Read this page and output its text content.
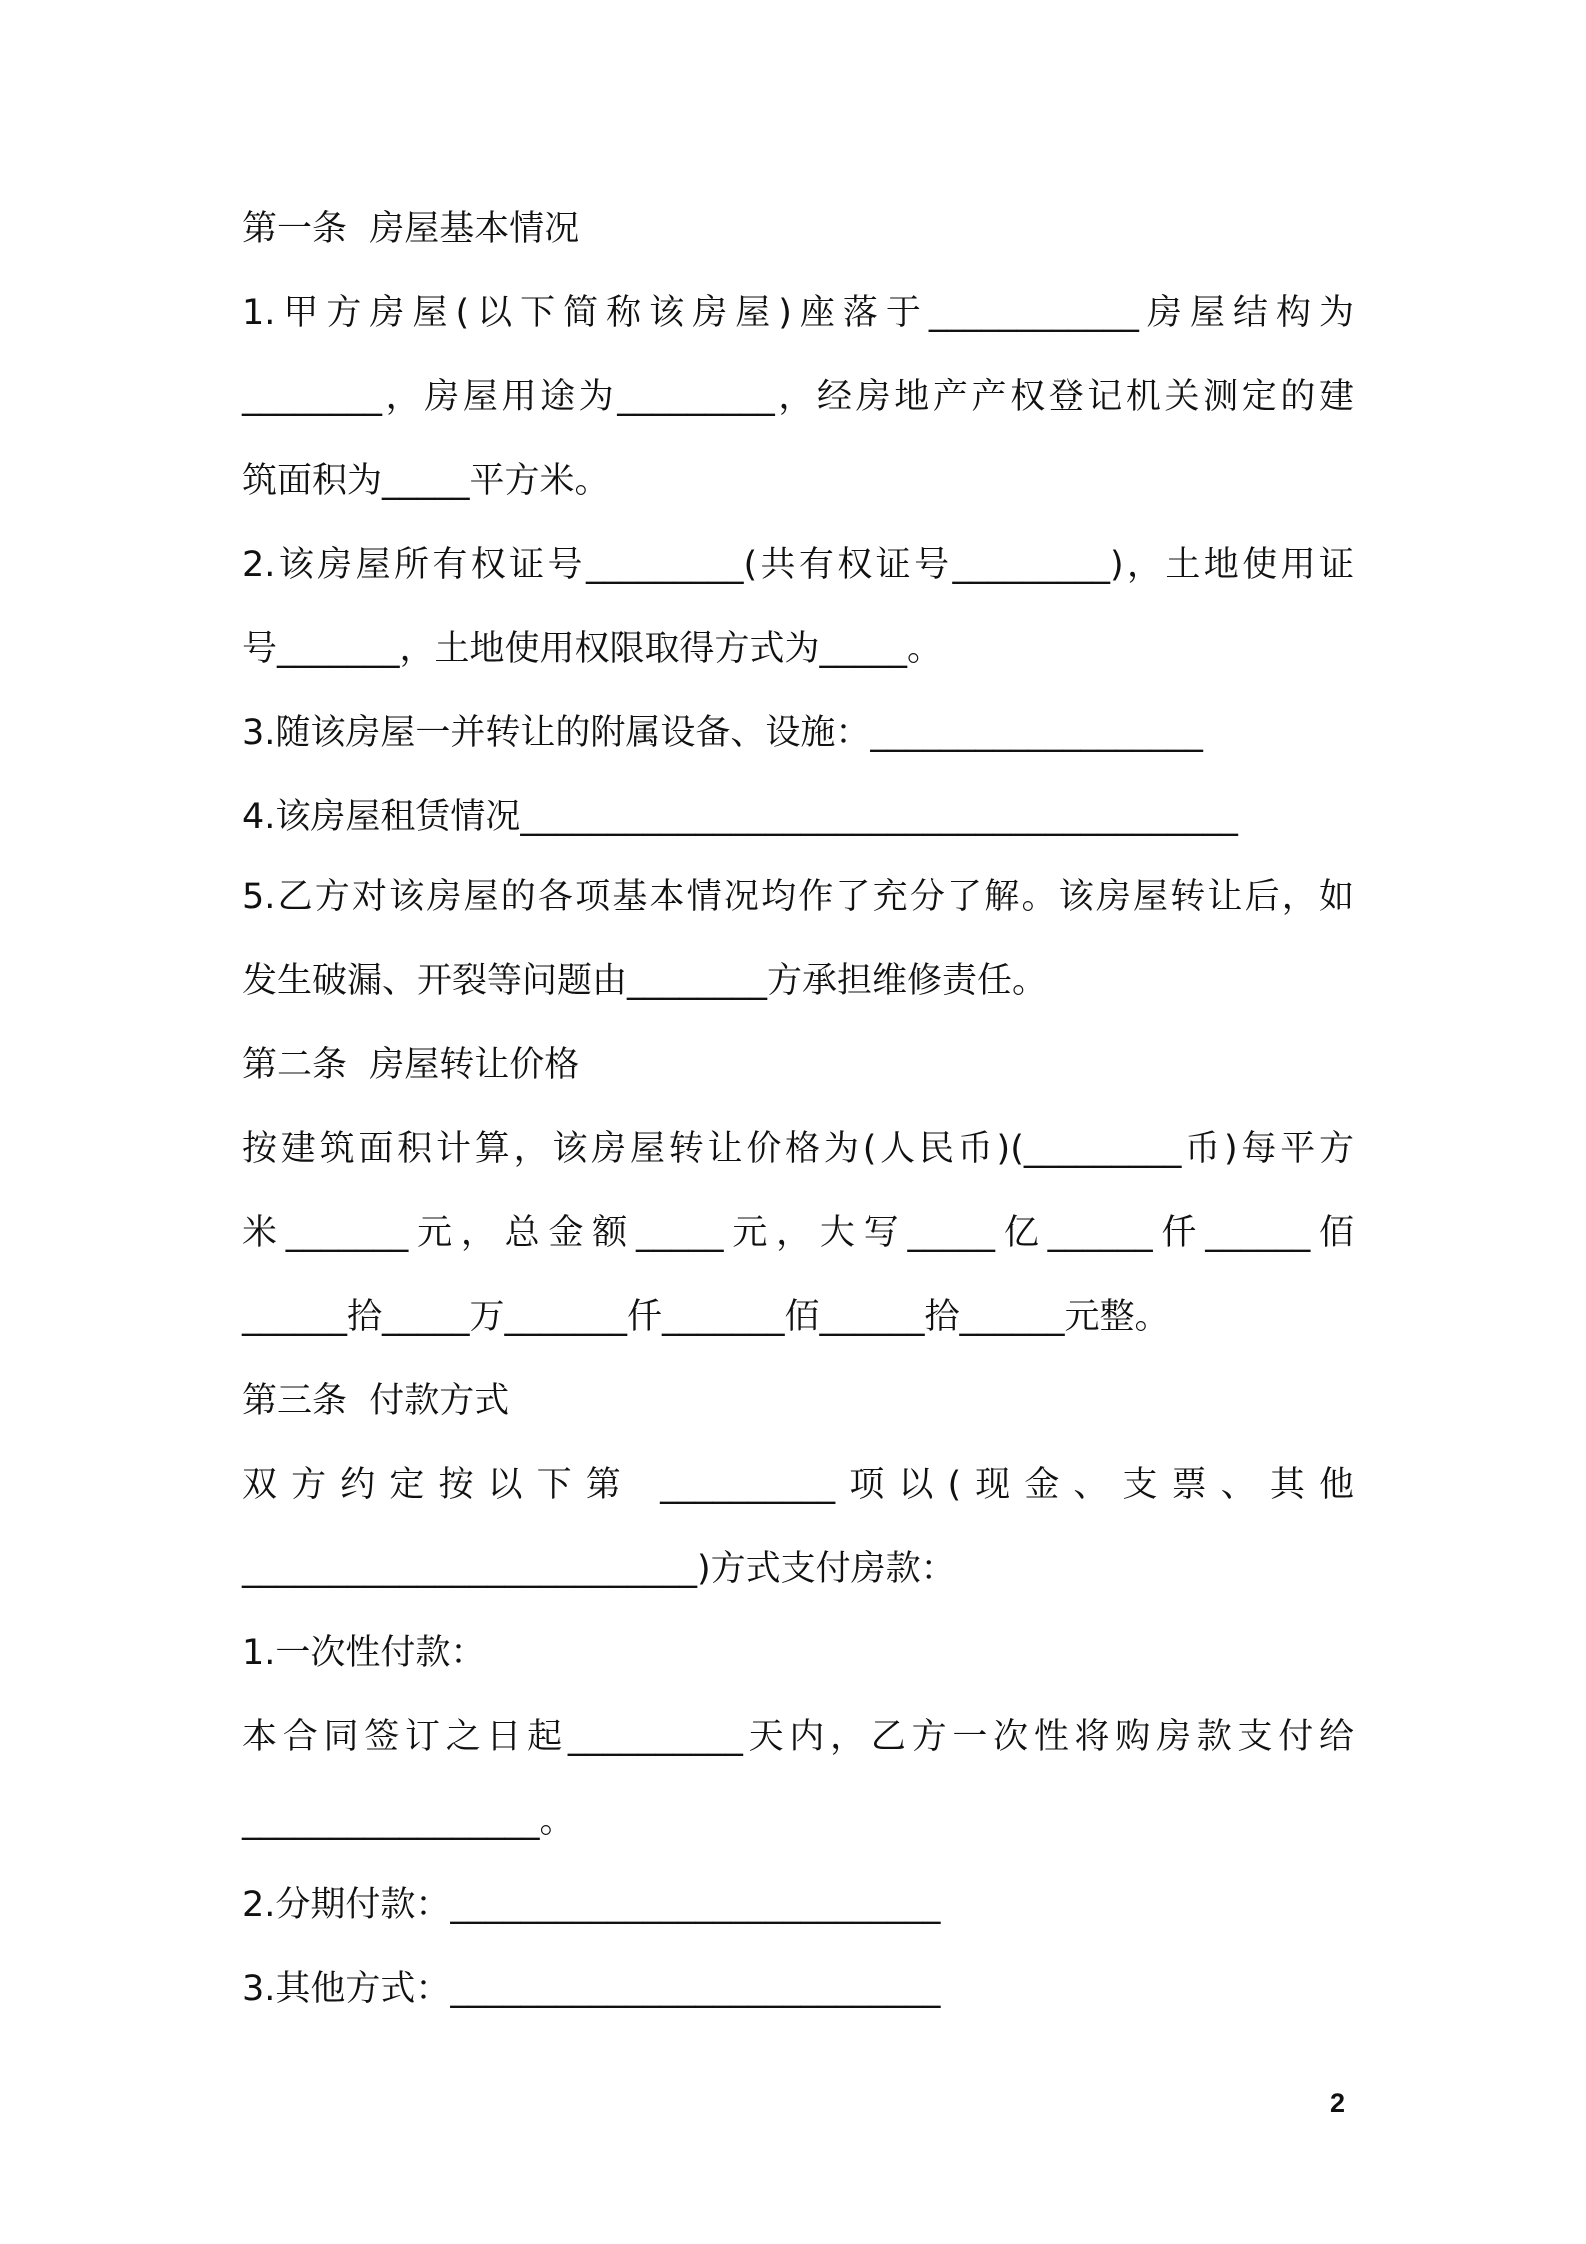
第一条  房屋基本情况

1.甲方房屋(以下简称该房屋)座落于____________房屋结构为

________，房屋用途为_________，经房地产产权登记机关测定的建

筑面积为_____平方米。

2.该房屋所有权证号_________(共有权证号_________)，土地使用证

号_______，土地使用权限取得方式为_____。

3.随该房屋一并转让的附属设备、设施：___________________

4.该房屋租赁情况_________________________________________

5.乙方对该房屋的各项基本情况均作了充分了解。该房屋转让后，如

发生破漏、开裂等问题由________方承担维修责任。

第二条  房屋转让价格

按建筑面积计算，该房屋转让价格为(人民币)(_________币)每平方

米_______元，总金额_____元，大写_____亿______仟______佰

______拾_____万_______仟_______佰______拾______元整。

第三条  付款方式

双方约定按以下第 __________项以(现金、支票、其他

__________________________)方式支付房款：

1.一次性付款：

本合同签订之日起__________天内，乙方一次性将购房款支付给

_________________。

2.分期付款：____________________________

3.其他方式：____________________________

2
